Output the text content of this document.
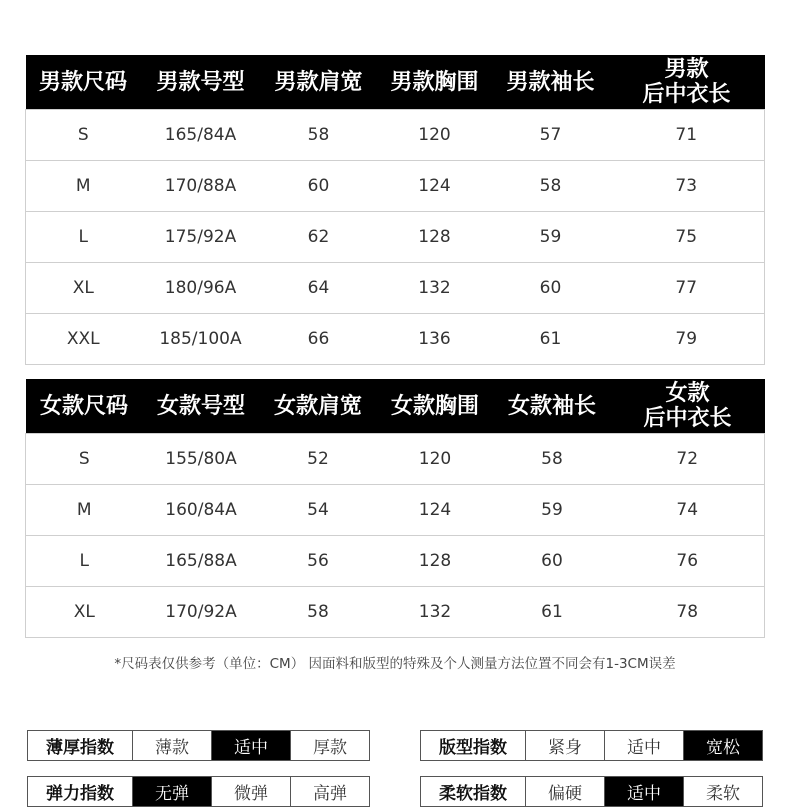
男款尺码	男款号型	男款肩宽	男款胸围	男款袖长	男款
后中衣长
S	165/84A	58	120	57	71
M	170/88A	60	124	58	73
L	175/92A	62	128	59	75
XL	180/96A	64	132	60	77
XXL	185/100A	66	136	61	79
女款尺码	女款号型	女款肩宽	女款胸围	女款袖长	女款
后中衣长
S	155/80A	52	120	58	72
M	160/84A	54	124	59	74
L	165/88A	56	128	60	76
XL	170/92A	58	132	61	78
*尺码表仅供参考（单位：CM） 因面料和版型的特殊及个人测量方法位置不同会有1-3CM误差
薄厚指数	薄款	适中	厚款
弹力指数	无弹	微弹	高弹
版型指数	紧身	适中	宽松
柔软指数	偏硬	适中	柔软
